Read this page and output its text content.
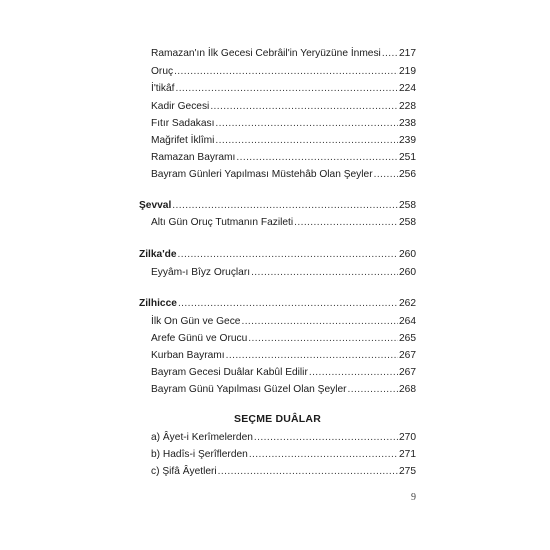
Ramazan'ın İlk Gecesi Cebrâil'in Yeryüzüne İnmesi ..... 217
Oruç .....	219
İ'tikâf .....	224
Kadir Gecesi .....	228
Fıtır Sadakası .....	238
Mağrifet İklîmi .....	239
Ramazan Bayramı .....	251
Bayram Günleri Yapılması Müstehâb Olan Şeyler .....	256
Şevval .....	258
Altı Gün Oruç Tutmanın Fazileti .....	258
Zilka'de .....	260
Eyyâm-ı Bîyz Oruçları .....	260
Zilhicce .....	262
İlk On Gün ve Gece .....	264
Arefe Günü ve Orucu .....	265
Kurban Bayramı .....	267
Bayram Gecesi Duâlar Kabûl Edilir .....	267
Bayram Günü Yapılması Güzel Olan Şeyler .....	268
SEÇME DUÂLAR
a) Âyet-i Kerîmelerden .....	270
b) Hadîs-i Şerîflerden .....	271
c) Şifâ Âyetleri .....	275
9
